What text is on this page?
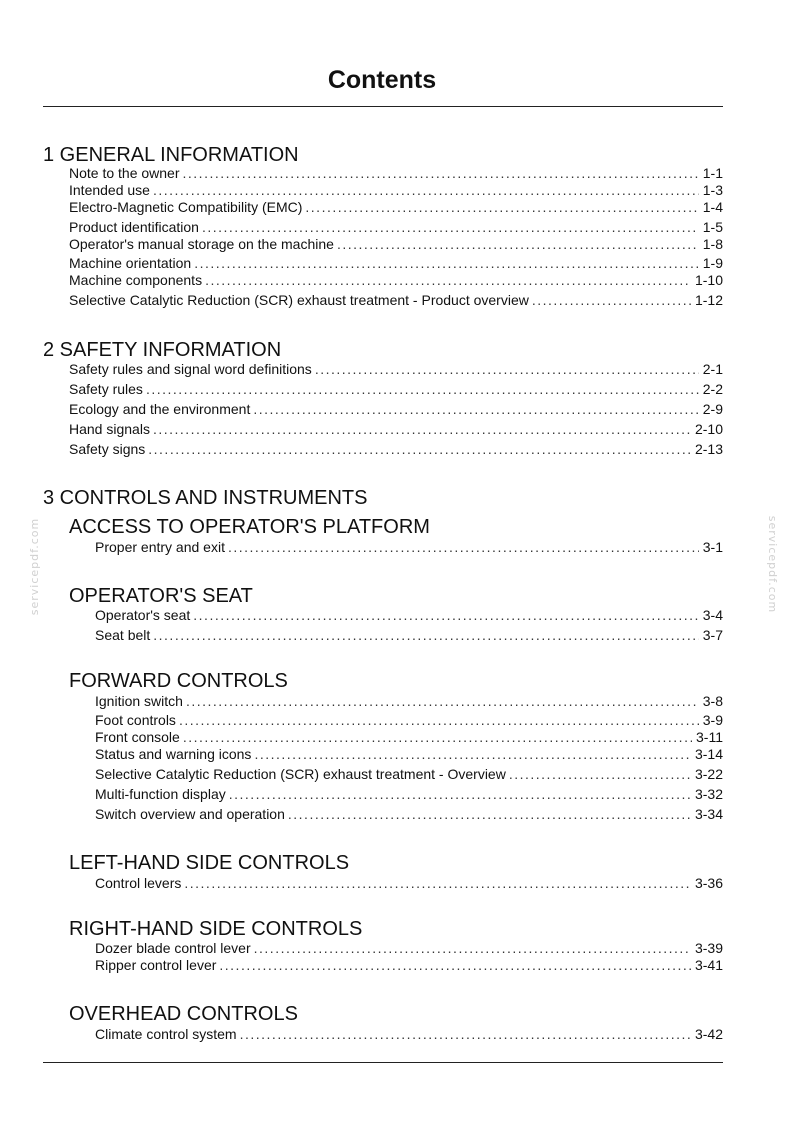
Contents
servicepdf.com	servicepdf.com
1 GENERAL INFORMATION
Note to the owner .....	1-1
Intended use .....	1-3
Electro-Magnetic Compatibility (EMC) .....	1-4
Product identification .....	1-5
Operator's manual storage on the machine .....	1-8
Machine orientation .....	1-9
Machine components .....	1-10
Selective Catalytic Reduction (SCR) exhaust treatment - Product overview .....	1-12
2 SAFETY INFORMATION
Safety rules and signal word definitions .....	2-1
Safety rules .....	2-2
Ecology and the environment .....	2-9
Hand signals .....	2-10
Safety signs .....	2-13
3 CONTROLS AND INSTRUMENTS
ACCESS TO OPERATOR'S PLATFORM
Proper entry and exit .....	3-1
OPERATOR'S SEAT
Operator's seat .....	3-4
Seat belt .....	3-7
FORWARD CONTROLS
Ignition switch .....	3-8
Foot controls .....	3-9
Front console .....	3-11
Status and warning icons .....	3-14
Selective Catalytic Reduction (SCR) exhaust treatment - Overview .....	3-22
Multi-function display .....	3-32
Switch overview and operation .....	3-34
LEFT-HAND SIDE CONTROLS
Control levers .....	3-36
RIGHT-HAND SIDE CONTROLS
Dozer blade control lever .....	3-39
Ripper control lever .....	3-41
OVERHEAD CONTROLS
Climate control system .....	3-42
